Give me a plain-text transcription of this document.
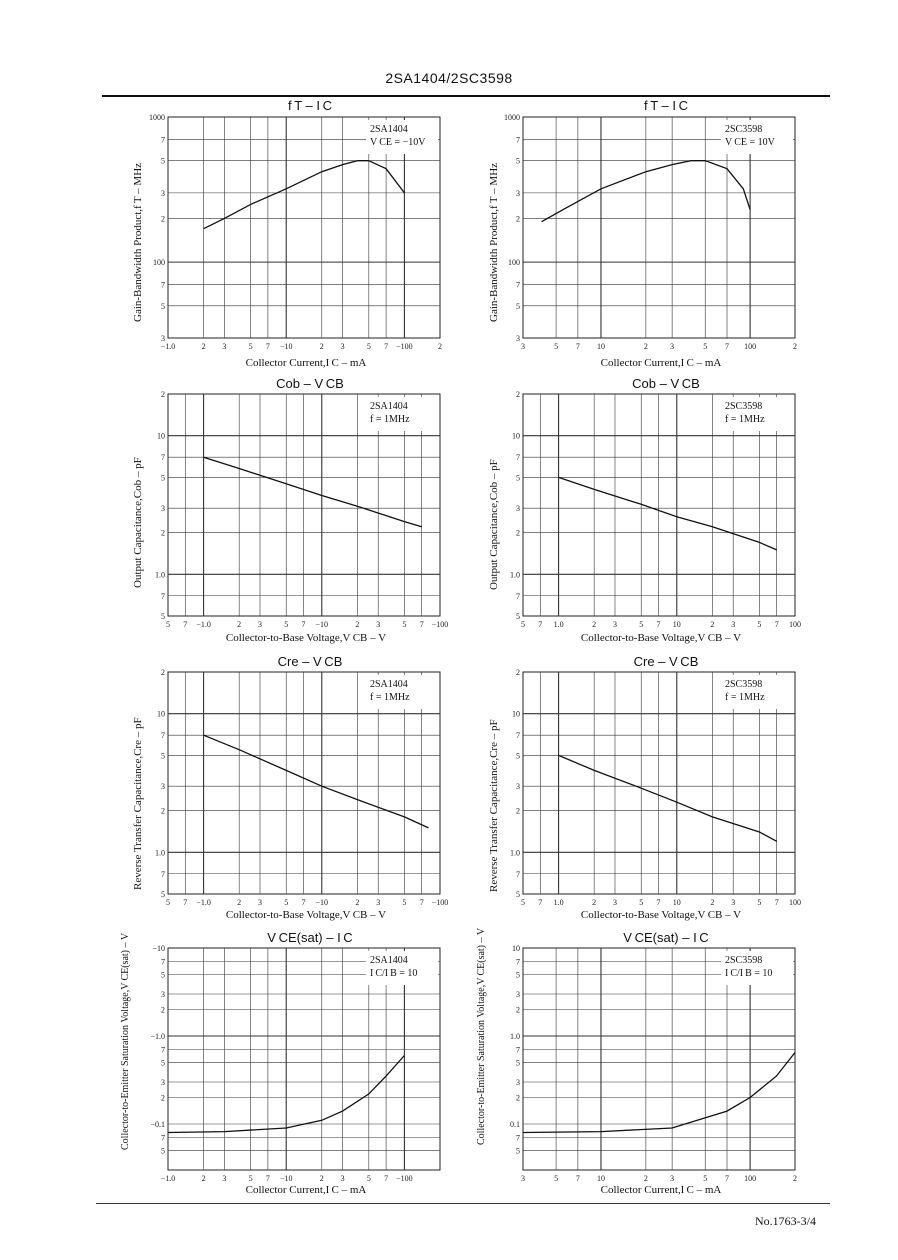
2SA1404/2SC3598
f T – I C
−1.0	2 3	5 7 −10	2 3	5 7 −100	2
1000
7
5
3
2
100
7
5
3
2SA1404
V CE = −10V
Collector Current,I C – mA
Gain-Bandwidth Product,f T – MHz
f T – I C
3	5 7 10	2	3	5 7 100	2
1000
7
5
3
2
100
7
5
3
2SC3598
V CE = 10V
Collector Current,I C – mA
Gain-Bandwidth Product,f T – MHz
Cob – V CB
5 7 −1.0	2 3	5 7 −10	2 3	5 7 −100
2
10
7
5
3
2
1.0
7
5
2SA1404
f = 1MHz
Collector-to-Base Voltage,V CB – V
Output Capacitance,Cob – pF
Cob – V CB
5 7 1.0	2 3	5 7 10	2 3	5 7 100
2
10
7
5
3
2
1.0
7
5
2SC3598
f = 1MHz
Collector-to-Base Voltage,V CB – V
Output Capacitance,Cob – pF
Cre – V CB
5 7 −1.0	2 3	5 7 −10	2 3	5 7 −100
2
10
7
5
3
2
1.0
7
5
2SA1404
f = 1MHz
Collector-to-Base Voltage,V CB – V
Reverse Transfer Capacitance,Cre – pF
Cre – V CB
5 7 1.0	2 3	5 7 10	2 3	5 7 100
2
10
7
5
3
2
1.0
7
5
2SC3598
f = 1MHz
Collector-to-Base Voltage,V CB – V
Reverse Transfer Capacitance,Cre – pF
V CE(sat) – I C
−1.0	2 3	5 7 −10	2 3	5 7 −100
−10
7
5
3
2
−1.0
7
5
3
2
−0.1
7
5
2SA1404
I C/I B = 10
Collector Current,I C – mA
Collector-to-Emitter Saturation Voltage,V CE(sat) – V	V CE(sat) – I C
3	5 7 10	2	3	5 7 100	2
10
7
5
3
2
1.0
7
5
3
2
0.1
7
5
2SC3598
I C/I B = 10
Collector Current,I C – mA
Collector-to-Emitter Saturation Voltage,V CE(sat) – V
No.1763-3/4
